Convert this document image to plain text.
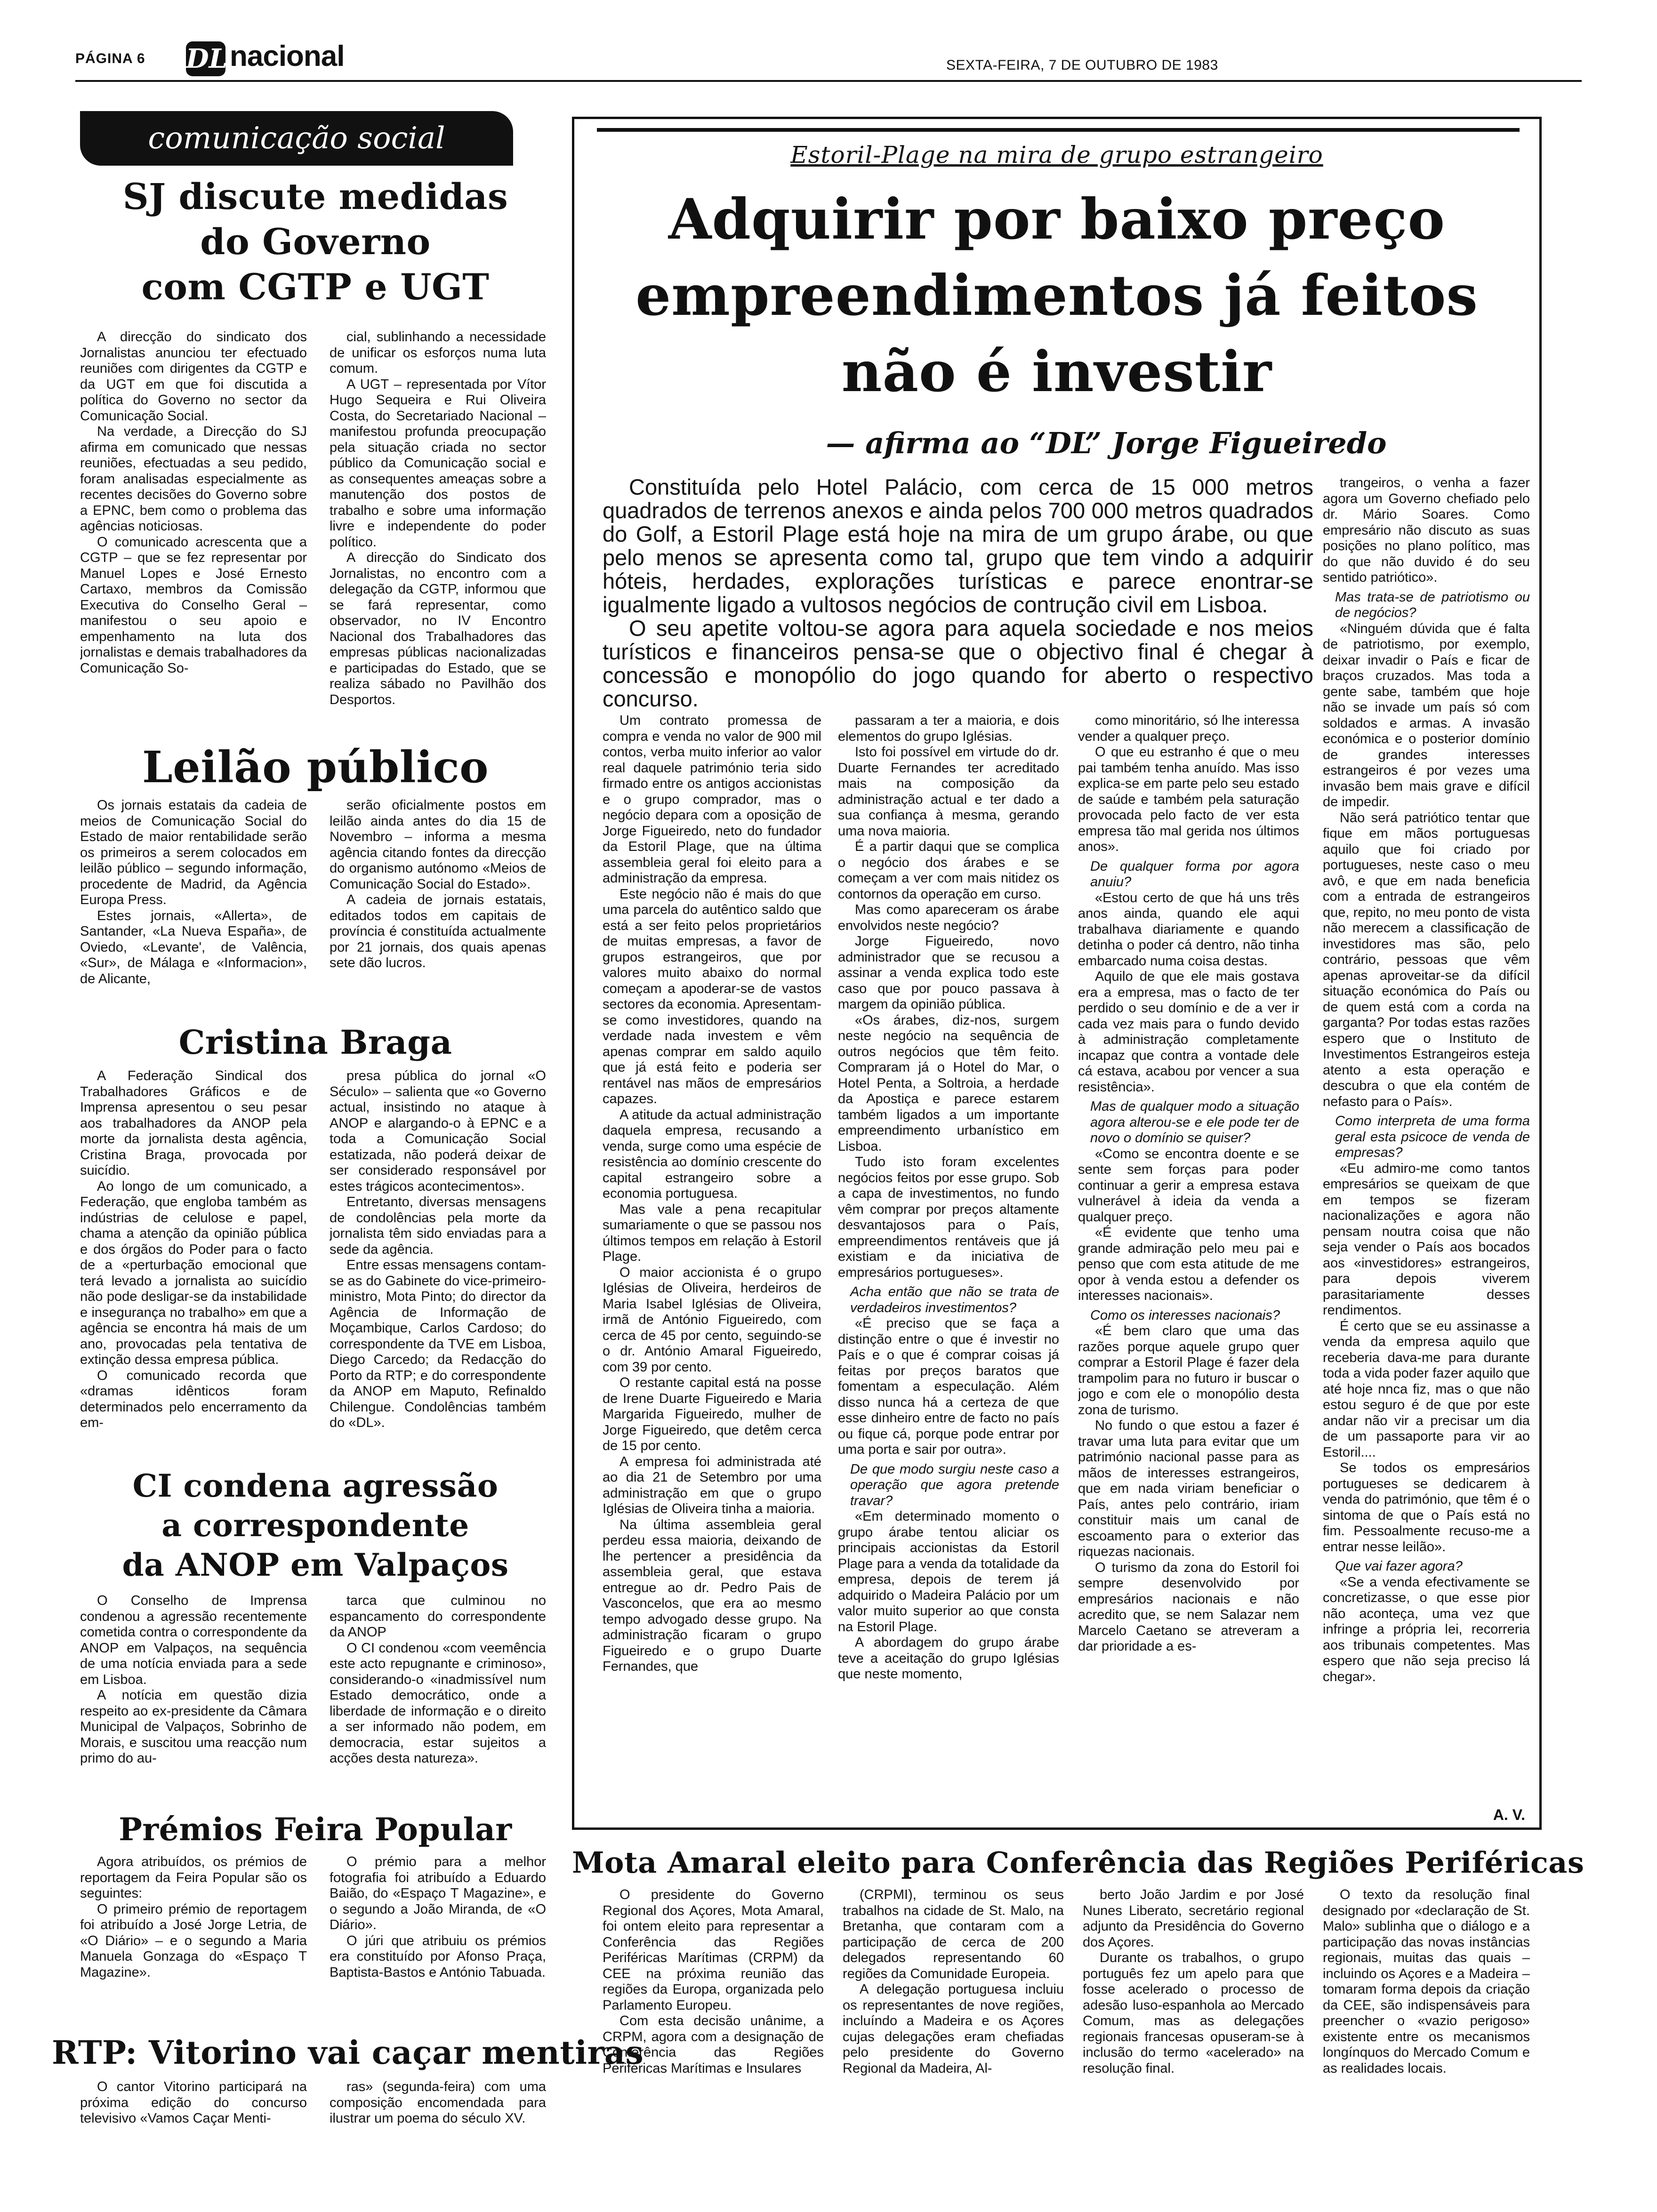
PÁGINA 6 DL nacional	SEXTA-FEIRA, 7 DE OUTUBRO DE 1983
comunicação social
SJ discute medidas
do Governo
com CGTP e UGT

A direcção do sindicato dos Jornalistas anunciou ter efectuado reuniões com dirigentes da CGTP e da UGT em que foi discutida a política do Governo no sector da Comunicação Social.

Na verdade, a Direcção do SJ afirma em comunicado que nessas reuniões, efectuadas a seu pedido, foram analisadas especialmente as recentes decisões do Governo sobre a EPNC, bem como o problema das agências noticiosas.

O comunicado acrescenta que a CGTP – que se fez representar por Manuel Lopes e José Ernesto Cartaxo, membros da Comissão Executiva do Conselho Geral – manifestou o seu apoio e empenhamento na luta dos jornalistas e demais trabalhadores da Comunicação So-

cial, sublinhando a necessidade de unificar os esforços numa luta comum.

A UGT – representada por Vítor Hugo Sequeira e Rui Oliveira Costa, do Secretariado Nacional – manifestou profunda preocupação pela situação criada no sector público da Comunicação social e as consequentes ameaças sobre a manutenção dos postos de trabalho e sobre uma informação livre e independente do poder político.

A direcção do Sindicato dos Jornalistas, no encontro com a delegação da CGTP, informou que se fará representar, como observador, no IV Encontro Nacional dos Trabalhadores das empresas públicas nacionalizadas e participadas do Estado, que se realiza sábado no Pavilhão dos Desportos.

Leilão público

Os jornais estatais da cadeia de meios de Comunicação Social do Estado de maior rentabilidade serão os primeiros a serem colocados em leilão público – segundo informação, procedente de Madrid, da Agência Europa Press.

Estes jornais, «Allerta», de Santander, «La Nueva España», de Oviedo, «Levante', de Valência, «Sur», de Málaga e «Informacion», de Alicante,

serão oficialmente postos em leilão ainda antes do dia 15 de Novembro – informa a mesma agência citando fontes da direcção do organismo autónomo «Meios de Comunicação Social do Estado».

A cadeia de jornais estatais, editados todos em capitais de província é constituída actualmente por 21 jornais, dos quais apenas sete dão lucros.

Cristina Braga

A Federação Sindical dos Trabalhadores Gráficos e de Imprensa apresentou o seu pesar aos trabalhadores da ANOP pela morte da jornalista desta agência, Cristina Braga, provocada por suicídio.

Ao longo de um comunicado, a Federação, que engloba também as indústrias de celulose e papel, chama a atenção da opinião pública e dos órgãos do Poder para o facto de a «perturbação emocional que terá levado a jornalista ao suicídio não pode desligar-se da instabilidade e insegurança no trabalho» em que a agência se encontra há mais de um ano, provocadas pela tentativa de extinção dessa empresa pública.

O comunicado recorda que «dramas idênticos foram determinados pelo encerramento da em-

presa pública do jornal «O Século» – salienta que «o Governo actual, insistindo no ataque à ANOP e alargando-o à EPNC e a toda a Comunicação Social estatizada, não poderá deixar de ser considerado responsável por estes trágicos acontecimentos».

Entretanto, diversas mensagens de condolências pela morte da jornalista têm sido enviadas para a sede da agência.

Entre essas mensagens contam-se as do Gabinete do vice-primeiro-ministro, Mota Pinto; do director da Agência de Informação de Moçambique, Carlos Cardoso; do correspondente da TVE em Lisboa, Diego Carcedo; da Redacção do Porto da RTP; e do correspondente da ANOP em Maputo, Refinaldo Chilengue. Condolências também do «DL».

CI condena agressão
a correspondente
da ANOP em Valpaços

O Conselho de Imprensa condenou a agressão recentemente cometida contra o correspondente da ANOP em Valpaços, na sequência de uma notícia enviada para a sede em Lisboa.

A notícia em questão dizia respeito ao ex-presidente da Câmara Municipal de Valpaços, Sobrinho de Morais, e suscitou uma reacção num primo do au-

tarca que culminou no espancamento do correspondente da ANOP

O CI condenou «com veemência este acto repugnante e criminoso», considerando-o «inadmissível num Estado democrático, onde a liberdade de informação e o direito a ser informado não podem, em democracia, estar sujeitos a acções desta natureza».

Prémios Feira Popular

Agora atribuídos, os prémios de reportagem da Feira Popular são os seguintes:

O primeiro prémio de reportagem foi atribuído a José Jorge Letria, de «O Diário» – e o segundo a Maria Manuela Gonzaga do «Espaço T Magazine».

O prémio para a melhor fotografia foi atribuído a Eduardo Baião, do «Espaço T Magazine», e o segundo a João Miranda, de «O Diário».

O júri que atribuiu os prémios era constituído por Afonso Praça, Baptista-Bastos e António Tabuada.

RTP: Vitorino vai caçar mentiras

O cantor Vitorino participará na próxima edição do concurso televisivo «Vamos Caçar Menti-

ras» (segunda-feira) com uma composição encomendada para ilustrar um poema do século XV.

Estoril-Plage na mira de grupo estrangeiro
Adquirir por baixo preço
empreendimentos já feitos
não é investir
— afirma ao “DL” Jorge Figueiredo

Constituída pelo Hotel Palácio, com cerca de 15 000 metros quadrados de terrenos anexos e ainda pelos 700 000 metros quadrados do Golf, a Estoril Plage está hoje na mira de um grupo árabe, ou que pelo menos se apresenta como tal, grupo que tem vindo a adquirir hóteis, herdades, explorações turísticas e parece enontrar-se igualmente ligado a vultosos negócios de contrução civil em Lisboa.

O seu apetite voltou-se agora para aquela sociedade e nos meios turísticos e financeiros pensa-se que o objectivo final é chegar à concessão e monopólio do jogo quando for aberto o respectivo concurso.

Um contrato promessa de compra e venda no valor de 900 mil contos, verba muito inferior ao valor real daquele património teria sido firmado entre os antigos accionistas e o grupo comprador, mas o negócio depara com a oposição de Jorge Figueiredo, neto do fundador da Estoril Plage, que na última assembleia geral foi eleito para a administração da empresa.

Este negócio não é mais do que uma parcela do autêntico saldo que está a ser feito pelos proprietários de muitas empresas, a favor de grupos estrangeiros, que por valores muito abaixo do normal começam a apoderar-se de vastos sectores da economia. Apresentam-se como investidores, quando na verdade nada investem e vêm apenas comprar em saldo aquilo que já está feito e poderia ser rentável nas mãos de empresários capazes.

A atitude da actual administração daquela empresa, recusando a venda, surge como uma espécie de resistência ao domínio crescente do capital estrangeiro sobre a economia portuguesa.

Mas vale a pena recapitular sumariamente o que se passou nos últimos tempos em relação à Estoril Plage.

O maior accionista é o grupo Iglésias de Oliveira, herdeiros de Maria Isabel Iglésias de Oliveira, irmã de António Figueiredo, com cerca de 45 por cento, seguindo-se o dr. António Amaral Figueiredo, com 39 por cento.

O restante capital está na posse de Irene Duarte Figueiredo e Maria Margarida Figueiredo, mulher de Jorge Figueiredo, que detêm cerca de 15 por cento.

A empresa foi administrada até ao dia 21 de Setembro por uma administração em que o grupo Iglésias de Oliveira tinha a maioria.

Na última assembleia geral perdeu essa maioria, deixando de lhe pertencer a presidência da assembleia geral, que estava entregue ao dr. Pedro Pais de Vasconcelos, que era ao mesmo tempo advogado desse grupo. Na administração ficaram o grupo Figueiredo e o grupo Duarte Fernandes, que

passaram a ter a maioria, e dois elementos do grupo Iglésias.

Isto foi possível em virtude do dr. Duarte Fernandes ter acreditado mais na composição da administração actual e ter dado a sua confiança à mesma, gerando uma nova maioria.

É a partir daqui que se complica o negócio dos árabes e se começam a ver com mais nitidez os contornos da operação em curso.

Mas como apareceram os árabe envolvidos neste negócio?

Jorge Figueiredo, novo administrador que se recusou a assinar a venda explica todo este caso que por pouco passava à margem da opinião pública.

«Os árabes, diz-nos, surgem neste negócio na sequência de outros negócios que têm feito. Compraram já o Hotel do Mar, o Hotel Penta, a Soltroia, a herdade da Apostiça e parece estarem também ligados a um importante empreendimento urbanístico em Lisboa.

Tudo isto foram excelentes negócios feitos por esse grupo. Sob a capa de investimentos, no fundo vêm comprar por preços altamente desvantajosos para o País, empreendimentos rentáveis que já existiam e da iniciativa de empresários portugueses».

Acha então que não se trata de verdadeiros investimentos?

«É preciso que se faça a distinção entre o que é investir no País e o que é comprar coisas já feitas por preços baratos que fomentam a especulação. Além disso nunca há a certeza de que esse dinheiro entre de facto no país ou fique cá, porque pode entrar por uma porta e sair por outra».

De que modo surgiu neste caso a operação que agora pretende travar?

«Em determinado momento o grupo árabe tentou aliciar os principais accionistas da Estoril Plage para a venda da totalidade da empresa, depois de terem já adquirido o Madeira Palácio por um valor muito superior ao que consta na Estoril Plage.

A abordagem do grupo árabe teve a aceitação do grupo Iglésias que neste momento,

como minoritário, só lhe interessa vender a qualquer preço.

O que eu estranho é que o meu pai também tenha anuído. Mas isso explica-se em parte pelo seu estado de saúde e também pela saturação provocada pelo facto de ver esta empresa tão mal gerida nos últimos anos».

De qualquer forma por agora anuiu?

«Estou certo de que há uns três anos ainda, quando ele aqui trabalhava diariamente e quando detinha o poder cá dentro, não tinha embarcado numa coisa destas.

Aquilo de que ele mais gostava era a empresa, mas o facto de ter perdido o seu domínio e de a ver ir cada vez mais para o fundo devido à administração completamente incapaz que contra a vontade dele cá estava, acabou por vencer a sua resistência».

Mas de qualquer modo a situação agora alterou-se e ele pode ter de novo o domínio se quiser?

«Como se encontra doente e se sente sem forças para poder continuar a gerir a empresa estava vulnerável à ideia da venda a qualquer preço.

«É evidente que tenho uma grande admiração pelo meu pai e penso que com esta atitude de me opor à venda estou a defender os interesses nacionais».

Como os interesses nacionais?

«É bem claro que uma das razões porque aquele grupo quer comprar a Estoril Plage é fazer dela trampolim para no futuro ir buscar o jogo e com ele o monopólio desta zona de turismo.

No fundo o que estou a fazer é travar uma luta para evitar que um património nacional passe para as mãos de interesses estrangeiros, que em nada viriam beneficiar o País, antes pelo contrário, iriam constituir mais um canal de escoamento para o exterior das riquezas nacionais.

O turismo da zona do Estoril foi sempre desenvolvido por empresários nacionais e não acredito que, se nem Salazar nem Marcelo Caetano se atreveram a dar prioridade a es-

trangeiros, o venha a fazer agora um Governo chefiado pelo dr. Mário Soares. Como empresário não discuto as suas posições no plano político, mas do que não duvido é do seu sentido patriótico».

Mas trata-se de patriotismo ou de negócios?

«Ninguém dúvida que é falta de patriotismo, por exemplo, deixar invadir o País e ficar de braços cruzados. Mas toda a gente sabe, também que hoje não se invade um país só com soldados e armas. A invasão económica e o posterior domínio de grandes interesses estrangeiros é por vezes uma invasão bem mais grave e difícil de impedir.

Não será patriótico tentar que fique em mãos portuguesas aquilo que foi criado por portugueses, neste caso o meu avô, e que em nada beneficia com a entrada de estrangeiros que, repito, no meu ponto de vista não merecem a classificação de investidores mas são, pelo contrário, pessoas que vêm apenas aproveitar-se da difícil situação económica do País ou de quem está com a corda na garganta? Por todas estas razões espero que o Instituto de Investimentos Estrangeiros esteja atento a esta operação e descubra o que ela contém de nefasto para o País».

Como interpreta de uma forma geral esta psicoce de venda de empresas?

«Eu admiro-me como tantos empresários se queixam de que em tempos se fizeram nacionalizações e agora não pensam noutra coisa que não seja vender o País aos bocados aos «investidores» estrangeiros, para depois viverem parasitariamente desses rendimentos.

É certo que se eu assinasse a venda da empresa aquilo que receberia dava-me para durante toda a vida poder fazer aquilo que até hoje nnca fiz, mas o que não estou seguro é de que por este andar não vir a precisar um dia de um passaporte para vir ao Estoril....

Se todos os empresários portugueses se dedicarem à venda do património, que têm é o sintoma de que o País está no fim. Pessoalmente recuso-me a entrar nesse leilão».

Que vai fazer agora?

«Se a venda efectivamente se concretizasse, o que esse pior não aconteça, uma vez que infringe a própria lei, recorreria aos tribunais competentes. Mas espero que não seja preciso lá chegar».

A. V.
Mota Amaral eleito para Conferência das Regiões Periféricas

O presidente do Governo Regional dos Açores, Mota Amaral, foi ontem eleito para representar a Conferência das Regiões Periféricas Marítimas (CRPM) da CEE na próxima reunião das regiões da Europa, organizada pelo Parlamento Europeu.

Com esta decisão unânime, a CRPM, agora com a designação de Conferência das Regiões Periféricas Marítimas e Insulares

(CRPMI), terminou os seus trabalhos na cidade de St. Malo, na Bretanha, que contaram com a participação de cerca de 200 delegados representando 60 regiões da Comunidade Europeia.

A delegação portuguesa incluiu os representantes de nove regiões, incluíndo a Madeira e os Açores cujas delegações eram chefiadas pelo presidente do Governo Regional da Madeira, Al-

berto João Jardim e por José Nunes Liberato, secretário regional adjunto da Presidência do Governo dos Açores.

Durante os trabalhos, o grupo português fez um apelo para que fosse acelerado o processo de adesão luso-espanhola ao Mercado Comum, mas as delegações regionais francesas opuseram-se à inclusão do termo «acelerado» na resolução final.

O texto da resolução final designado por «declaração de St. Malo» sublinha que o diálogo e a participação das novas instâncias regionais, muitas das quais – incluindo os Açores e a Madeira – tomaram forma depois da criação da CEE, são indispensáveis para preencher o «vazio perigoso» existente entre os mecanismos longínquos do Mercado Comum e as realidades locais.
